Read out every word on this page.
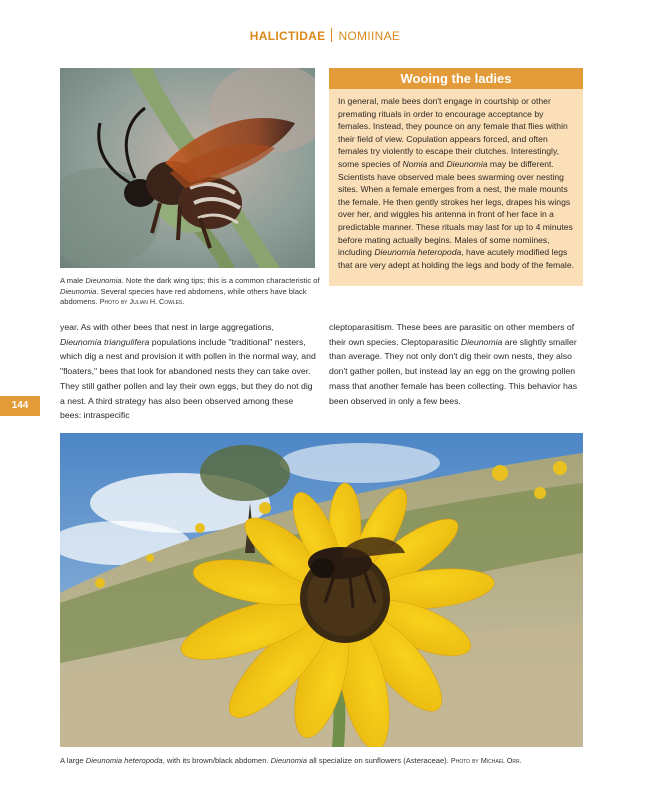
HALICTIDAE NOMIINAE
A male Dieunomia. Note the dark wing tips; this is a common characteristic of Dieunomia. Several species have red abdomens, while others have black abdomens. Photo by Julian H. Cowles.
Wooing the ladies
In general, male bees don't engage in courtship or other premating rituals in order to encourage acceptance by females. Instead, they pounce on any female that flies within their field of view. Copulation appears forced, and often females try violently to escape their clutches. Interestingly, some species of Nomia and Dieunomia may be different. Scientists have observed male bees swarming over nesting sites. When a female emerges from a nest, the male mounts the female. He then gently strokes her legs, drapes his wings over her, and wiggles his antenna in front of her face in a predictable manner. These rituals may last for up to 4 minutes before mating actually begins. Males of some nomiines, including Dieunomia heteropoda, have acutely modified legs that are very adept at holding the legs and body of the female.
year. As with other bees that nest in large aggregations, Dieunomia triangulifera populations include "traditional" nesters, which dig a nest and provision it with pollen in the normal way, and "floaters," bees that look for abandoned nests they can take over. They still gather pollen and lay their own eggs, but they do not dig a nest. A third strategy has also been observed among these bees: intraspecific
cleptoparasitism. These bees are parasitic on other members of their own species. Cleptoparasitic Dieunomia are slightly smaller than average. They not only don't dig their own nests, they also don't gather pollen, but instead lay an egg on the growing pollen mass that another female has been collecting. This behavior has been observed in only a few bees.
144
A large Dieunomia heteropoda, with its brown/black abdomen. Dieunomia all specialize on sunflowers (Asteraceae). Photo by Michael Orr.
